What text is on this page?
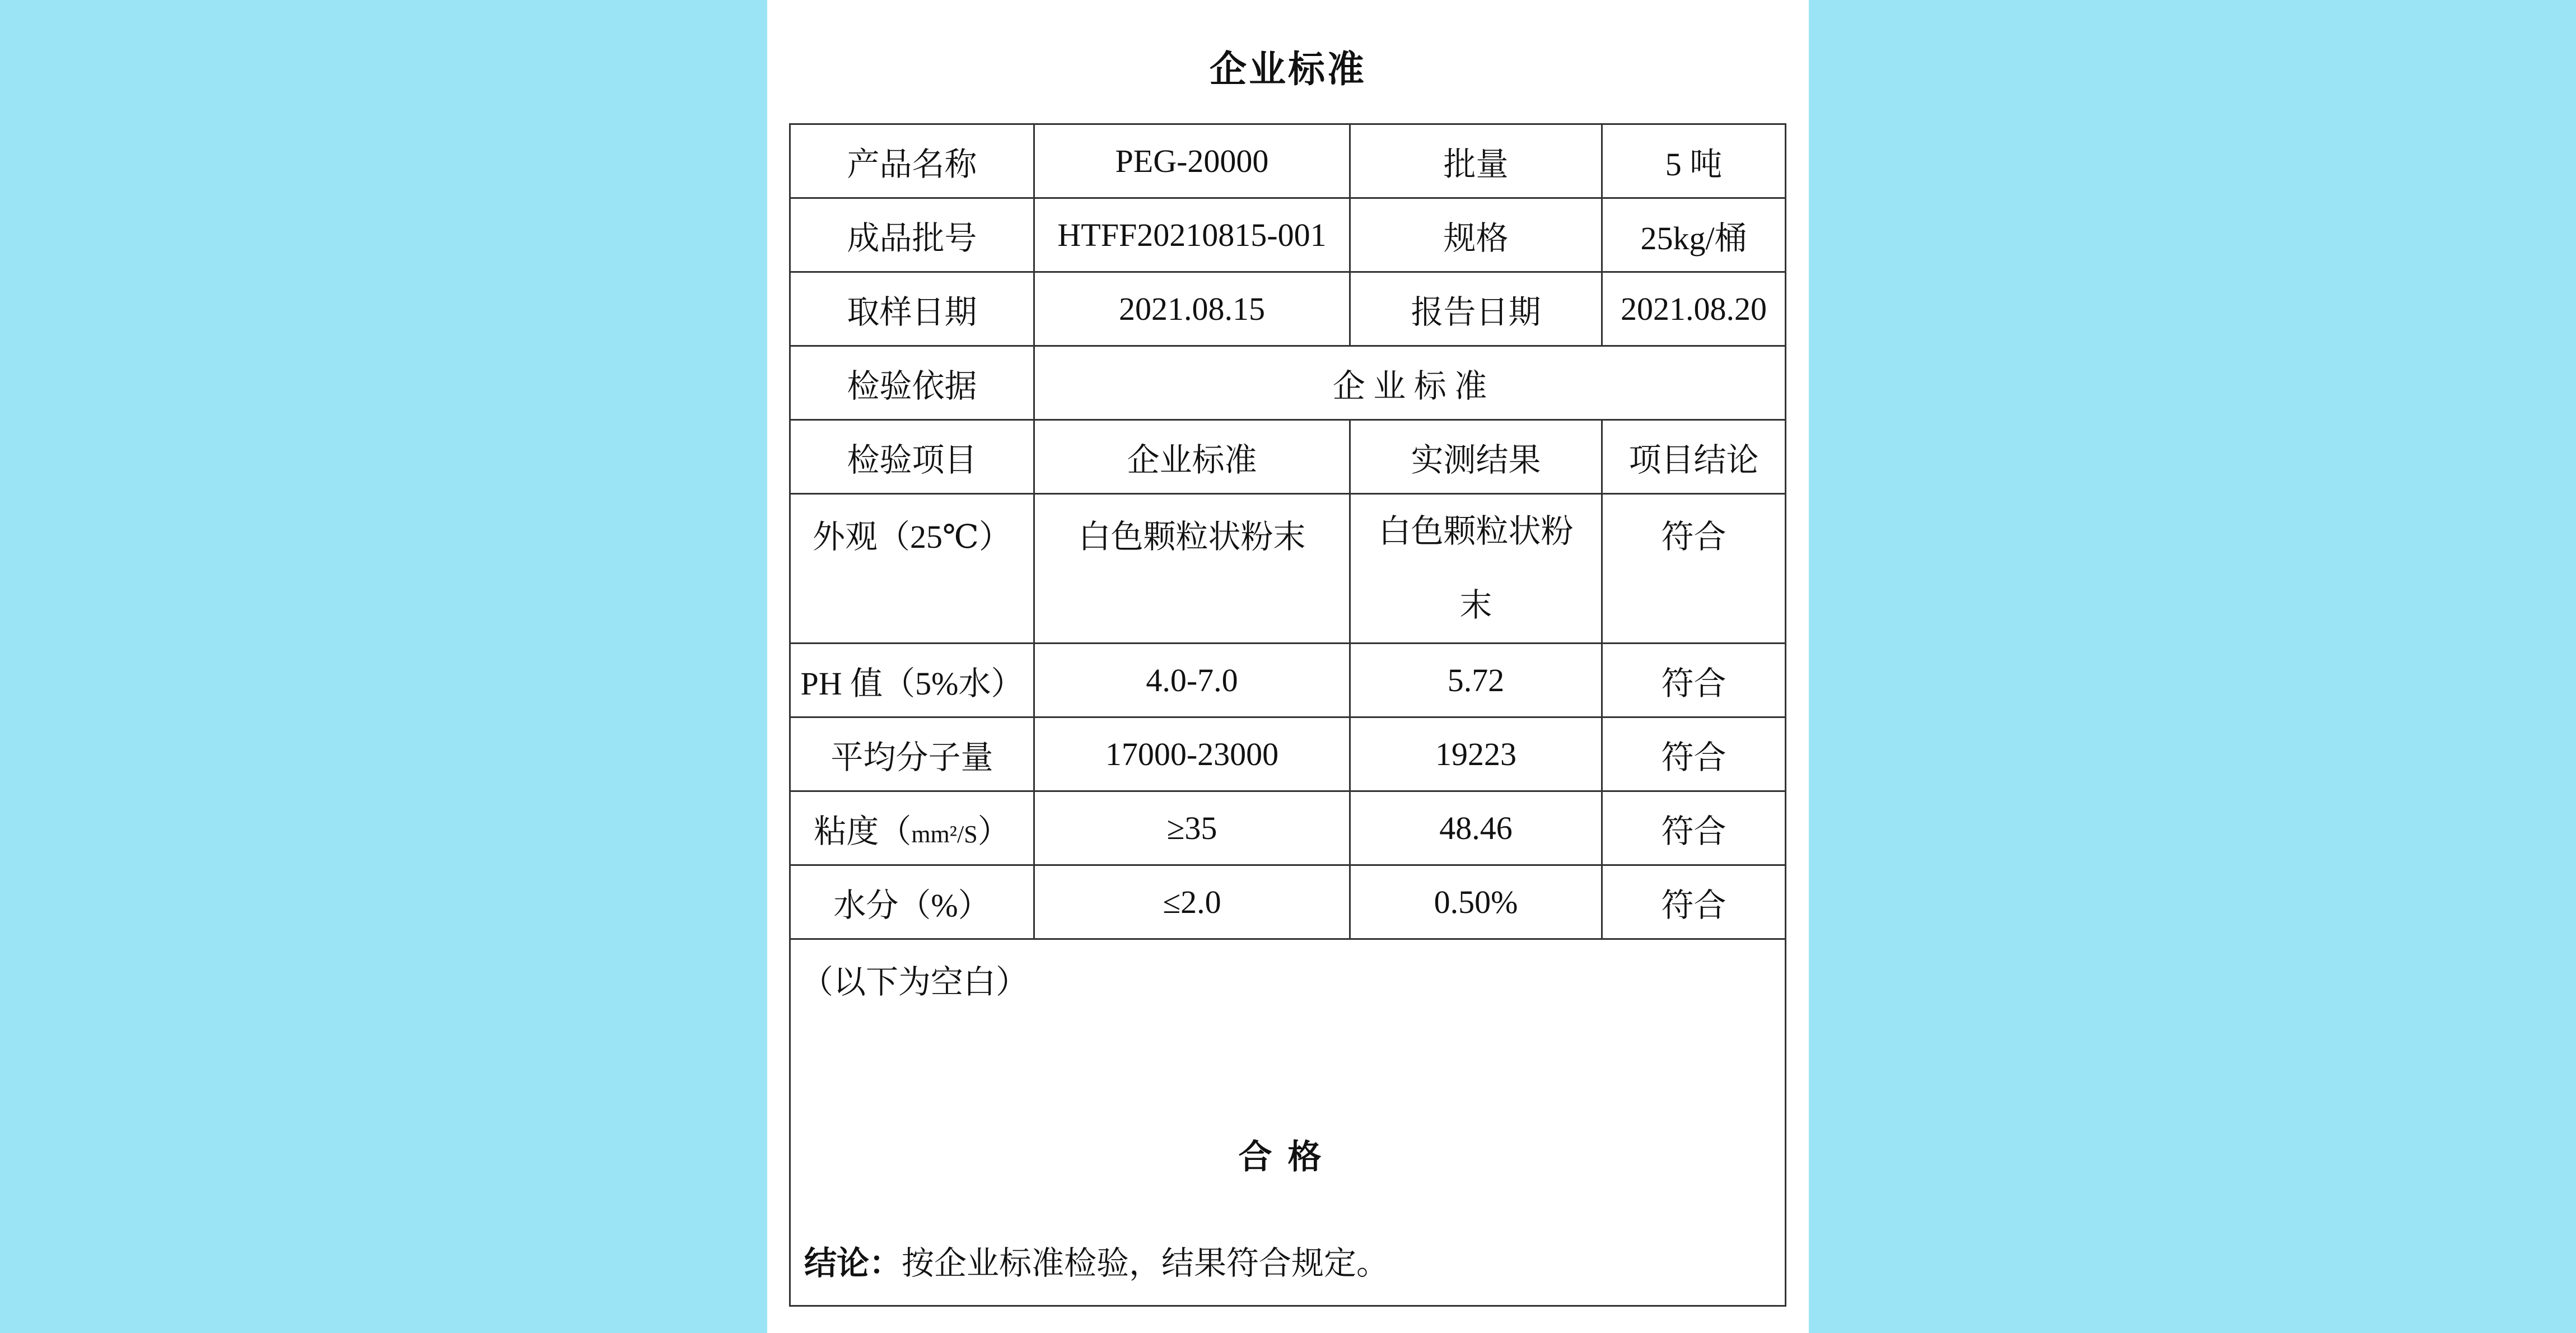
企业标准
产品名称	PEG-20000	批量	5 吨
成品批号	HTFF20210815-001	规格	25kg/桶
取样日期	2021.08.15	报告日期	2021.08.20
检验依据	企 业 标 准		
检验项目	企业标准	实测结果	项目结论
外观（25℃）	白色颗粒状粉末	白色颗粒状粉末	符合
PH 值（5%水）	4.0-7.0	5.72	符合
平均分子量	17000-23000	19223	符合
粘度（mm²/S）	≥35	48.46	符合
水分（%）	≤2.0	0.50%	符合

（以下为空白）
合格
结论：按企业标准检验，结果符合规定。			
